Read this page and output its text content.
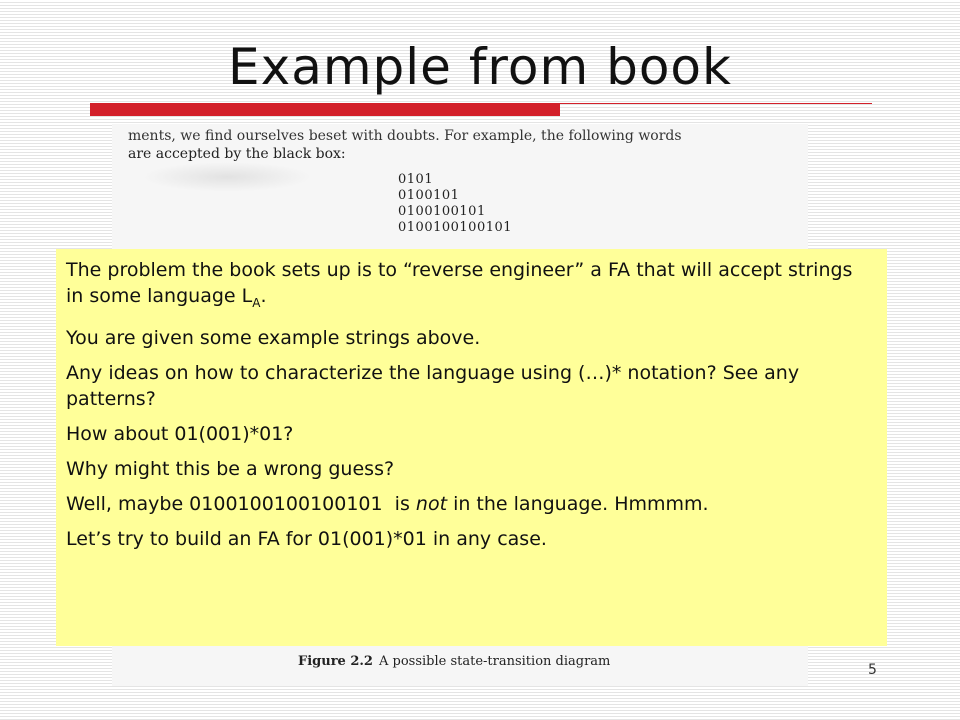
Example from book
ments, we find ourselves beset with doubts. For example, the following words
are accepted by the black box:
0101
0100101
0100100101
0100100100101
Figure 2.2 A possible state-transition diagram

The problem the book sets up is to “reverse engineer” a FA that will accept strings in some language $L_A$.

You are given some example strings above.

Any ideas on how to characterize the language using (…)* notation? See any patterns?

How about 01(001)*01?

Why might this be a wrong guess?

Well, maybe 0100100100100101  is not in the language. Hmmmm.

Let’s try to build an FA for 01(001)*01 in any case.

5
